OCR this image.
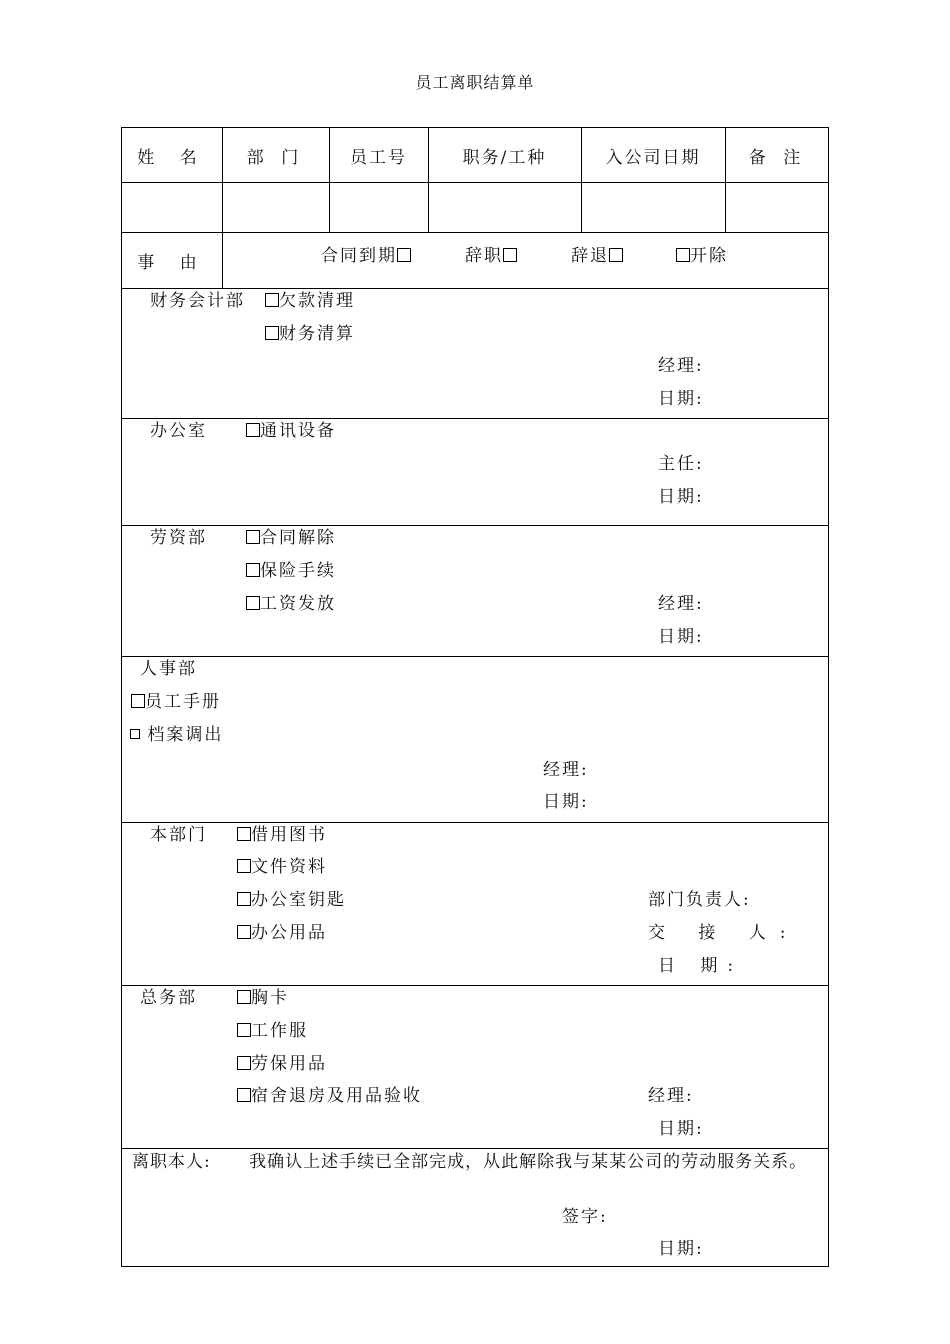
员工离职结算单
姓 名	部 门	员工号	职务/工种	入公司日期	备 注
事 由	合同到期	辞职	辞退	开除
财务会计部	欠款清理
财务清算
经理:
日期:
办公室	通讯设备
主任:
日期:
劳资部	合同解除
保险手续
工资发放	经理:
日期:
人事部
员工手册
档案调出
经理:
日期:
本部门	借用图书
文件资料
办公室钥匙
办公用品
部门负责人:
交 接 人:
日 期:
总务部	胸卡
工作服
劳保用品
宿舍退房及用品验收	经理:
日期:
离职本人: 我确认上述手续已全部完成，从此解除我与某某公司的劳动服务关系。
签字:
日期:
